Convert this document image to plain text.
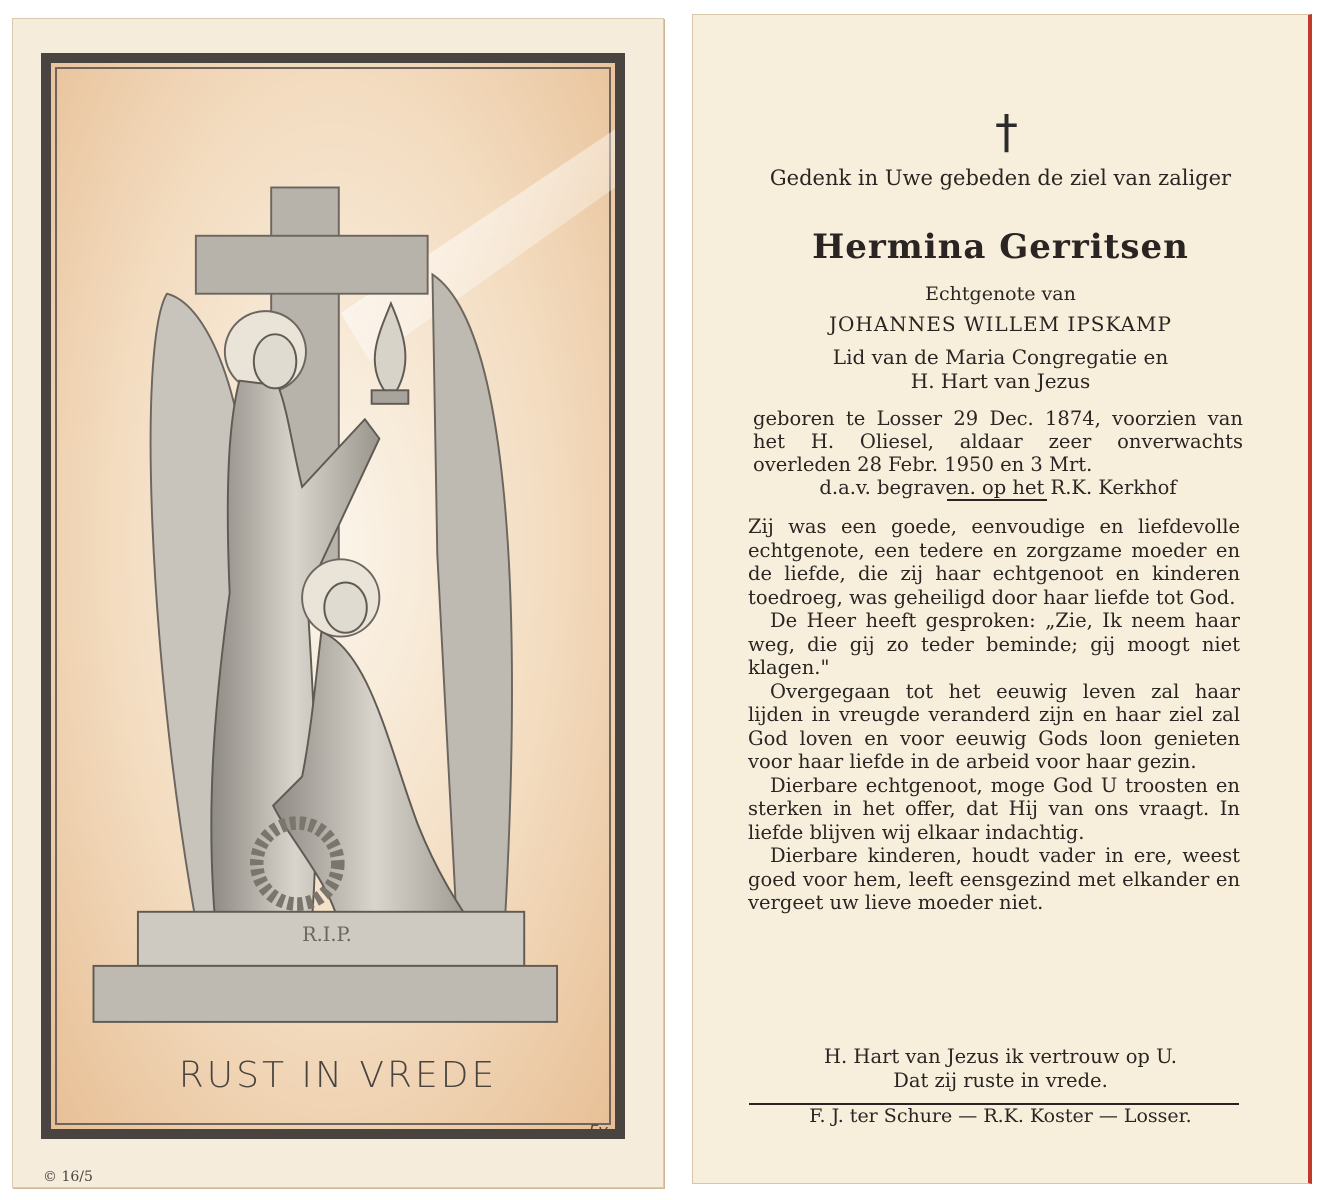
R.I.P.
RUST IN VREDE
Fv
© 16/5
†
Gedenk in Uwe gebeden de ziel van zaliger
Hermina Gerritsen
Echtgenote van
JOHANNES WILLEM IPSKAMP
Lid van de Maria Congregatie en
H. Hart van Jezus
geboren te Losser 29 Dec. 1874, voorzien van het H. Oliesel, aldaar zeer onverwachts overleden 28 Febr. 1950 en 3 Mrt.
d.a.v. begraven. op het R.K. Kerkhof

Zij was een goede, eenvoudige en liefdevolle echtgenote, een tedere en zorgzame moeder en de liefde, die zij haar echtgenoot en kinderen toedroeg, was geheiligd door haar liefde tot God.

De Heer heeft gesproken: „Zie, Ik neem haar weg, die gij zo teder beminde; gij moogt niet klagen."

Overgegaan tot het eeuwig leven zal haar lijden in vreugde veranderd zijn en haar ziel zal God loven en voor eeuwig Gods loon genieten voor haar liefde in de arbeid voor haar gezin.

Dierbare echtgenoot, moge God U troosten en sterken in het offer, dat Hij van ons vraagt. In liefde blijven wij elkaar indachtig.

Dierbare kinderen, houdt vader in ere, weest goed voor hem, leeft eensgezind met elkander en vergeet uw lieve moeder niet.

H. Hart van Jezus ik vertrouw op U.
Dat zij ruste in vrede.
F. J. ter Schure — R.K. Koster — Losser.
